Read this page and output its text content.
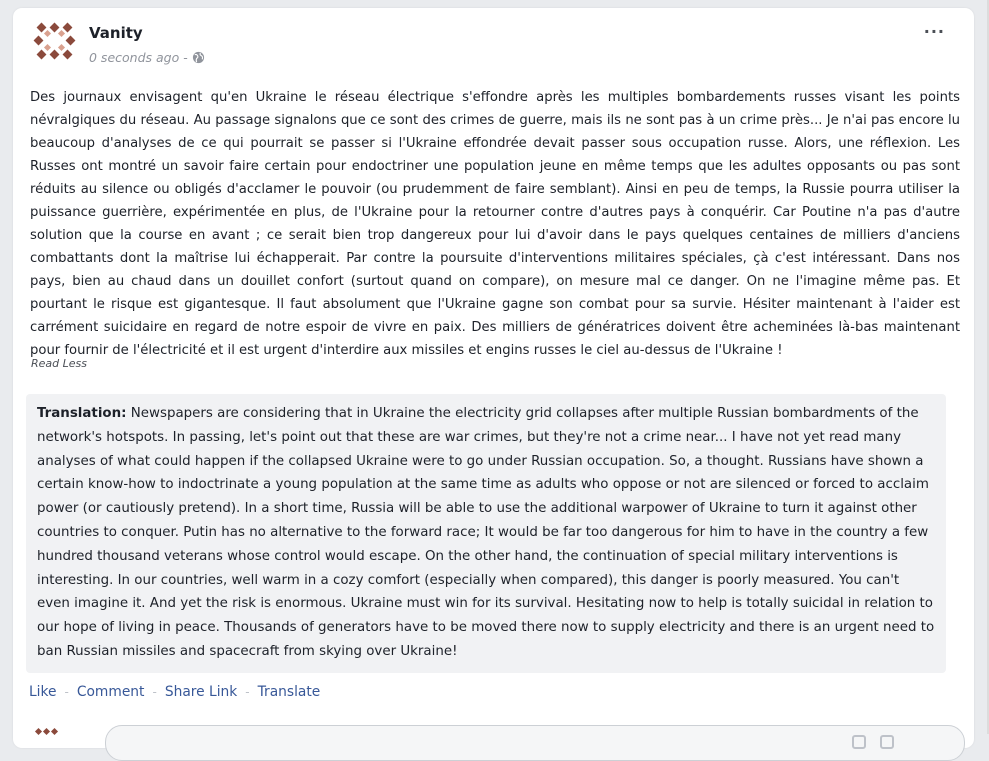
Vanity
0 seconds ago -
···

Des journaux envisagent qu'en Ukraine le réseau électrique s'effondre après les multiples bombardements russes visant les points névralgiques du réseau. Au passage signalons que ce sont des crimes de guerre, mais ils ne sont pas à un crime près... Je n'ai pas encore lu beaucoup d'analyses de ce qui pourrait se passer si l'Ukraine effondrée devait passer sous occupation russe. Alors, une réflexion. Les Russes ont montré un savoir faire certain pour endoctriner une population jeune en même temps que les adultes opposants ou pas sont réduits au silence ou obligés d'acclamer le pouvoir (ou prudemment de faire semblant). Ainsi en peu de temps, la Russie pourra utiliser la puissance guerrière, expérimentée en plus, de l'Ukraine pour la retourner contre d'autres pays à conquérir. Car Poutine n'a pas d'autre solution que la course en avant ; ce serait bien trop dangereux pour lui d'avoir dans le pays quelques centaines de milliers d'anciens combattants dont la maîtrise lui échapperait. Par contre la poursuite d'interventions militaires spéciales, çà c'est intéressant. Dans nos pays, bien au chaud dans un douillet confort (surtout quand on compare), on mesure mal ce danger. On ne l'imagine même pas. Et pourtant le risque est gigantesque. Il faut absolument que l'Ukraine gagne son combat pour sa survie. Hésiter maintenant à l'aider est carrément suicidaire en regard de notre espoir de vivre en paix. Des milliers de génératrices doivent être acheminées là-bas maintenant pour fournir de l'électricité et il est urgent d'interdire aux missiles et engins russes le ciel au-dessus de l'Ukraine !

Read Less
Translation: Newspapers are considering that in Ukraine the electricity grid collapses after multiple Russian bombardments of the network's hotspots. In passing, let's point out that these are war crimes, but they're not a crime near... I have not yet read many analyses of what could happen if the collapsed Ukraine were to go under Russian occupation. So, a thought. Russians have shown a certain know-how to indoctrinate a young population at the same time as adults who oppose or not are silenced or forced to acclaim power (or cautiously pretend). In a short time, Russia will be able to use the additional warpower of Ukraine to turn it against other countries to conquer. Putin has no alternative to the forward race; It would be far too dangerous for him to have in the country a few hundred thousand veterans whose control would escape. On the other hand, the continuation of special military interventions is interesting. In our countries, well warm in a cozy comfort (especially when compared), this danger is poorly measured. You can't even imagine it. And yet the risk is enormous. Ukraine must win for its survival. Hesitating now to help is totally suicidal in relation to our hope of living in peace. Thousands of generators have to be moved there now to supply electricity and there is an urgent need to ban Russian missiles and spacecraft from skying over Ukraine!
Like - Comment - Share Link - Translate
